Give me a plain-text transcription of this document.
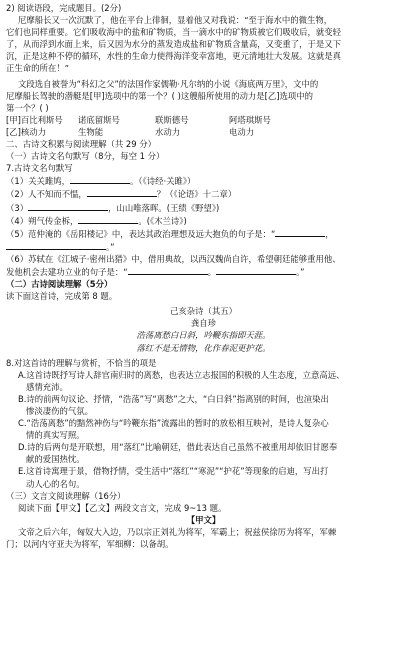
2) 阅读语段，完成题目。(2分)
尼摩船长又一次沉默了，他在平台上徘徊，显着他又对我说：“至于海水中的微生物，
它们也同样重要。它们吸收海中的盐和矿物质，当一滴水中的矿物质被它们吸收后，就变轻
了，从而浮到水面上来，后又因为水分的蒸发造成盐和矿物质含量高，又变重了，于是又下
沉，正是这种不停的循环，水性的生命力使得海洋变幸富地，更元清地壮大发展。这就是真
正生命的所在！”
文段选自被誉为“科幻之父”的法国作家儒勒·凡尔纳的小说《海底两万里》，文中的
尼摩船长驾驶的潜艇是[甲]选项中的第一个？( )这艘船所使用的动力是[乙]选项中的
第一个？( )
[甲]百比利斯号	诺底留斯号	联斯德号	阿塔琪斯号
[乙]核动力	生物能	水动力	电动力
二、古诗文积累与阅读理解（共 29 分）
（一）古诗文名句默写（8分，每空 1 分）
7.古诗文名句默写
（1）关关雎鸠，	。（《诗经·关雎》）
（2）人不知而不愠，	？（《论语》十二章）
（3）	，山山唯落晖。(王绩《野望》)
（4）朔气传金柝，	。(《木兰诗》)
（5）范仲淹的《岳阳楼记》中，表达其政治理想及远大抱负的句子是：“	，
。”
（6）苏轼在《江城子·密州出猎》中，借用典故，以西汉魏尚自许，希望朝廷能够重用他、
发他机会去建功立业的句子是：“	。	。”
（二）古诗阅读理解（5分）
读下面这首诗，完成第 8 题。
己亥杂诗（其五）
龚自珍
浩荡离愁白日斜，吟鞭东指即天涯。
落红不是无情物，化作春泥更护花。
8.对这首诗的理解与赏析，不恰当的项是
A.这首诗既抒写诗人辞官南归时的离愁，也表达立志报国的积极的人生态度，立意高远、
感情充沛。
B.诗的前两句议论、抒情，“浩荡”写“离愁”之大，“白日斜”指离别的时间，也渲染出
惨淡凄伤的气氛。
C.“浩荡离愁”的黯然神伤与“吟鞭东指”流露出的暂时的放松相互映衬，是诗人复杂心
情的真实写照。
D.诗的后两句是开联想，用“落红”比喻朝廷，借此表达自己虽然不被重用却依旧甘愿奉
献的爱国热忱。
E.这首诗寓理于景，借物抒情，受生活中“落红”“寒泥”“护花”等现象的启迪，写出打
动人心的名句。
（三）文言文阅读理解（16分）
阅读下面【甲文】【乙文】两段文言文，完成 9~13 题。
【甲文】
文帝之后六年，匈奴大入边，乃以宗正刘礼为将军，军霸上；祝兹侯徐厉为将军，军棘
门；以河内守亚夫为将军，军细柳：以备胡。
